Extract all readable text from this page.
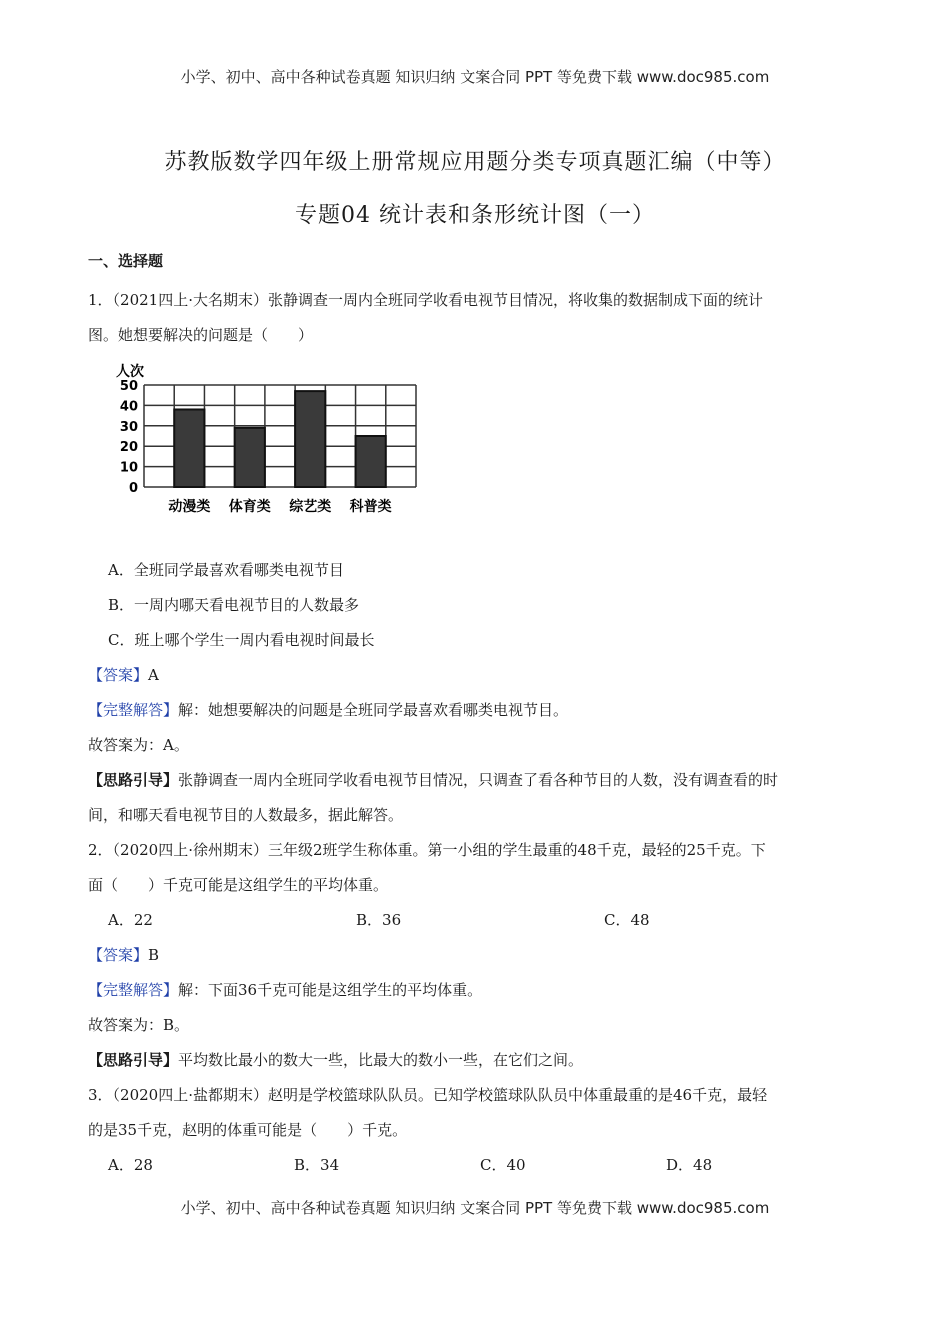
小学、初中、高中各种试卷真题 知识归纳 文案合同 PPT 等免费下载 www.doc985.com
苏教版数学四年级上册常规应用题分类专项真题汇编（中等）
专题04 统计表和条形统计图（一）
一、选择题

1．（2021四上·大名期末）张静调查一周内全班同学收看电视节目情况，将收集的数据制成下面的统计

图。她想要解决的问题是（　　）

人次
0
10
20
30
40
50
动漫类 体育类 综艺类 科普类

A．全班同学最喜欢看哪类电视节目

B．一周内哪天看电视节目的人数最多

C．班上哪个学生一周内看电视时间最长

【答案】A

【完整解答】解：她想要解决的问题是全班同学最喜欢看哪类电视节目。

故答案为：A。

【思路引导】张静调查一周内全班同学收看电视节目情况，只调查了看各种节目的人数，没有调查看的时

间，和哪天看电视节目的人数最多，据此解答。

2．（2020四上·徐州期末）三年级2班学生称体重。第一小组的学生最重的48千克，最轻的25千克。下

面（　　）千克可能是这组学生的平均体重。

A．22	B．36	C．48

【答案】B

【完整解答】解：下面36千克可能是这组学生的平均体重。

故答案为：B。

【思路引导】平均数比最小的数大一些，比最大的数小一些，在它们之间。

3．（2020四上·盐都期末）赵明是学校篮球队队员。已知学校篮球队队员中体重最重的是46千克，最轻

的是35千克，赵明的体重可能是（　　）千克。

A．28	B．34	C．40	D．48
小学、初中、高中各种试卷真题 知识归纳 文案合同 PPT 等免费下载 www.doc985.com
